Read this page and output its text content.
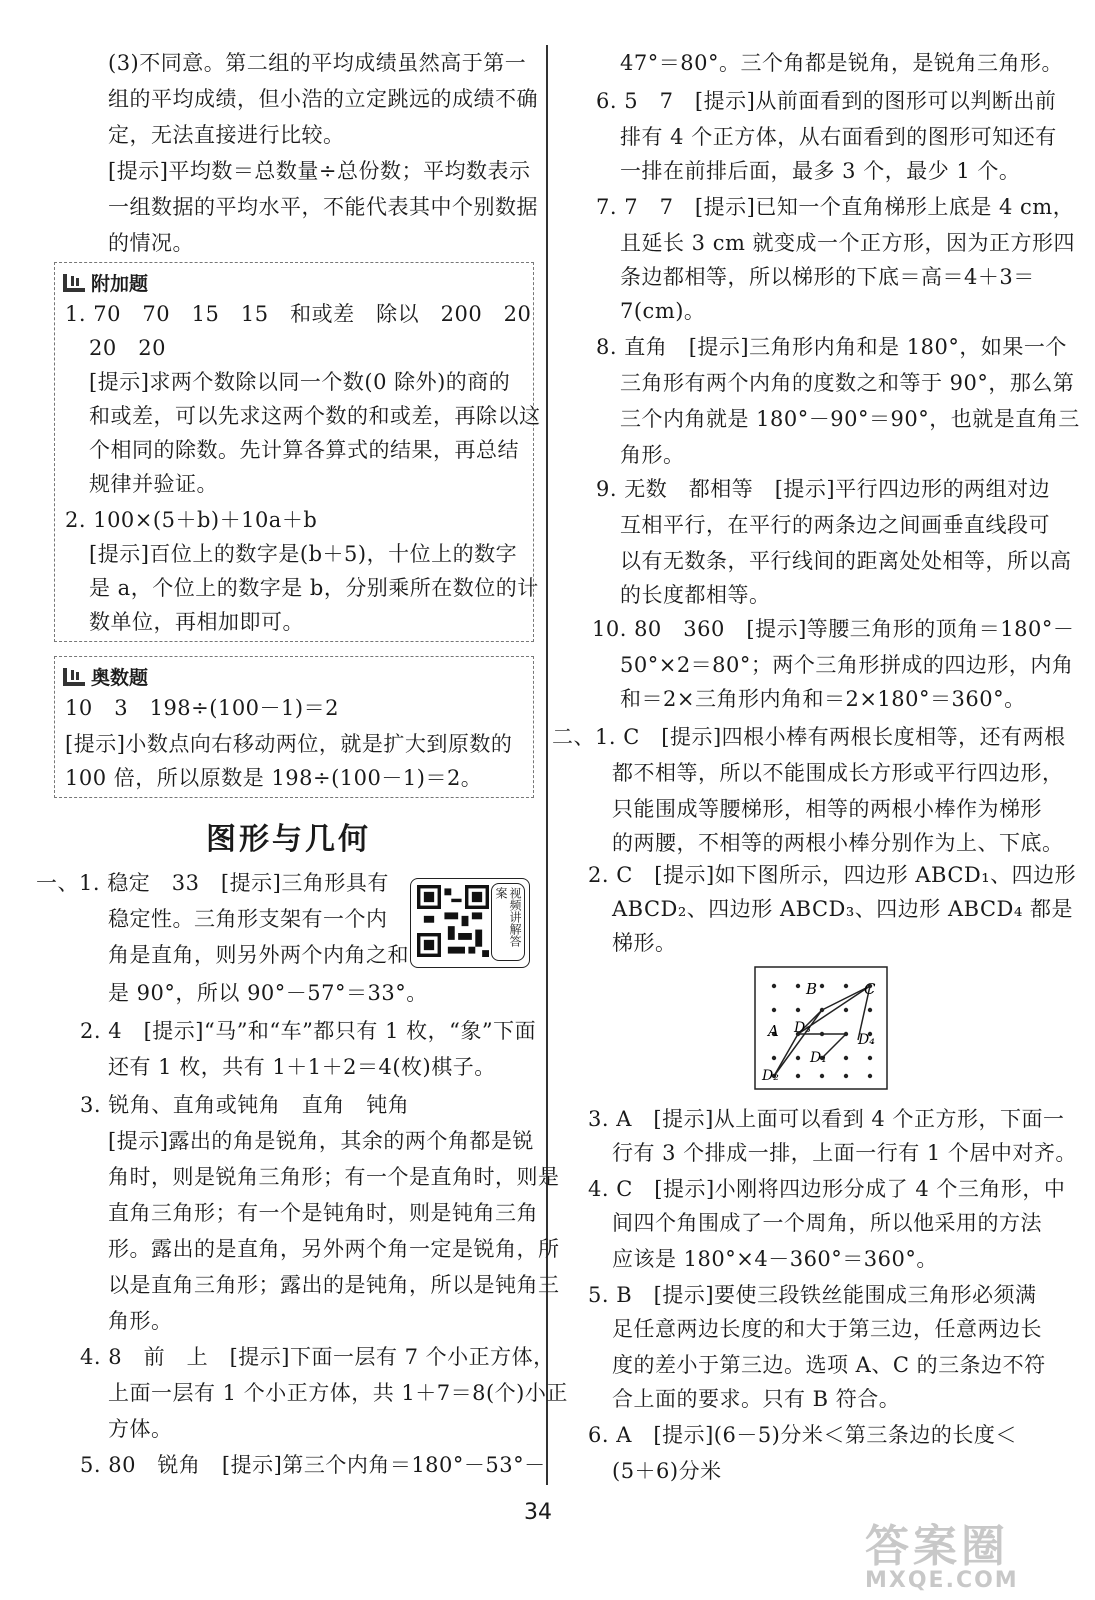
(3)不同意。第二组的平均成绩虽然高于第一
组的平均成绩，但小浩的立定跳远的成绩不确
定，无法直接进行比较。
[提示]平均数＝总数量÷总份数；平均数表示
一组数据的平均水平，不能代表其中个别数据
的情况。
附加题
1. 70　70　15　15　和或差　除以　200　20
20　20
[提示]求两个数除以同一个数(0 除外)的商的
和或差，可以先求这两个数的和或差，再除以这
个相同的除数。先计算各算式的结果，再总结
规律并验证。
2. 100×(5＋b)＋10a＋b
[提示]百位上的数字是(b＋5)，十位上的数字
是 a，个位上的数字是 b，分别乘所在数位的计
数单位，再相加即可。
奥数题
10　3　198÷(100－1)＝2
[提示]小数点向右移动两位，就是扩大到原数的
100 倍，所以原数是 198÷(100－1)＝2。
图形与几何
视频讲解答案
一、1. 稳定　33　[提示]三角形具有
稳定性。三角形支架有一个内
角是直角，则另外两个内角之和
是 90°，所以 90°－57°＝33°。
2. 4　[提示]“马”和“车”都只有 1 枚，“象”下面
还有 1 枚，共有 1＋1＋2＝4(枚)棋子。
3. 锐角、直角或钝角　直角　钝角
[提示]露出的角是锐角，其余的两个角都是锐
角时，则是锐角三角形；有一个是直角时，则是
直角三角形；有一个是钝角时，则是钝角三角
形。露出的是直角，另外两个角一定是锐角，所
以是直角三角形；露出的是钝角，所以是钝角三
角形。
4. 8　前　上　[提示]下面一层有 7 个小正方体，
上面一层有 1 个小正方体，共 1＋7＝8(个)小正
方体。
5. 80　锐角　[提示]第三个内角＝180°－53°－
47°＝80°。三个角都是锐角，是锐角三角形。
6. 5　7　[提示]从前面看到的图形可以判断出前
排有 4 个正方体，从右面看到的图形可知还有
一排在前排后面，最多 3 个，最少 1 个。
7. 7　7　[提示]已知一个直角梯形上底是 4 cm，
且延长 3 cm 就变成一个正方形，因为正方形四
条边都相等，所以梯形的下底＝高＝4＋3＝
7(cm)。
8. 直角　[提示]三角形内角和是 180°，如果一个
三角形有两个内角的度数之和等于 90°，那么第
三个内角就是 180°－90°＝90°，也就是直角三
角形。
9. 无数　都相等　[提示]平行四边形的两组对边
互相平行，在平行的两条边之间画垂直线段可
以有无数条，平行线间的距离处处相等，所以高
的长度都相等。
10. 80　360　[提示]等腰三角形的顶角＝180°－
50°×2＝80°；两个三角形拼成的四边形，内角
和＝2×三角形内角和＝2×180°＝360°。
二、1. C　[提示]四根小棒有两根长度相等，还有两根
都不相等，所以不能围成长方形或平行四边形，
只能围成等腰梯形，相等的两根小棒作为梯形
的两腰，不相等的两根小棒分别作为上、下底。
2. C　[提示]如下图所示，四边形 ABCD₁、四边形
ABCD₂、四边形 ABCD₃、四边形 ABCD₄ 都是
梯形。
A
B	C
D₃
D₄
D₁
D₂
3. A　[提示]从上面可以看到 4 个正方形，下面一
行有 3 个排成一排，上面一行有 1 个居中对齐。
4. C　[提示]小刚将四边形分成了 4 个三角形，中
间四个角围成了一个周角，所以他采用的方法
应该是 180°×4－360°＝360°。
5. B　[提示]要使三段铁丝能围成三角形必须满
足任意两边长度的和大于第三边，任意两边长
度的差小于第三边。选项 A、C 的三条边不符
合上面的要求。只有 B 符合。
6. A　[提示](6－5)分米＜第三条边的长度＜
(5＋6)分米
34
答案圈
MXQE.COM
